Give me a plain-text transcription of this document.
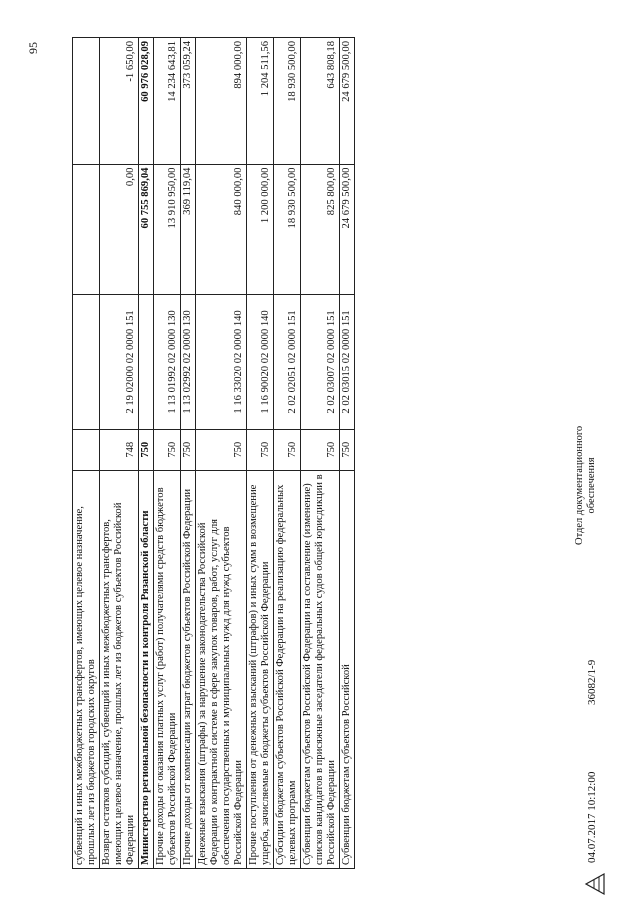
95
субвенций и иных межбюджетных трансфертов, имеющих целевое назначение, прошлых лет из бюджетов городских округов				
Возврат остатков субсидий, субвенций и иных межбюджетных трансфертов, имеющих целевое назначение, прошлых лет из бюджетов субъектов Российской Федерации	748	2 19 02000 02 0000 151	0,00	-1 650,00
Министерство региональной безопасности и контроля Рязанской области	750		60 755 869,04	60 976 028,09
Прочие доходы от оказания платных услуг (работ) получателями средств бюджетов субъектов Российской Федерации	750	1 13 01992 02 0000 130	13 910 950,00	14 234 643,81
Прочие доходы от компенсации затрат бюджетов субъектов Российской Федерации	750	1 13 02992 02 0000 130	369 119,04	373 059,24
Денежные взыскания (штрафы) за нарушение законодательства Российской Федерации о контрактной системе в сфере закупок товаров, работ, услуг для обеспечения государственных и муниципальных нужд для нужд субъектов Российской Федерации	750	1 16 33020 02 0000 140	840 000,00	894 000,00
Прочие поступления от денежных взысканий (штрафов) и иных сумм в возмещение ущерба, зачисляемые в бюджеты субъектов Российской Федерации	750	1 16 90020 02 0000 140	1 200 000,00	1 204 511,56
Субсидии бюджетам субъектов Российской Федерации на реализацию федеральных целевых программ	750	2 02 02051 02 0000 151	18 930 500,00	18 930 500,00
Субвенции бюджетам субъектов Российской Федерации на составление (изменение) списков кандидатов в присяжные заседатели федеральных судов общей юрисдикции в Российской Федерации	750	2 02 03007 02 0000 151	825 800,00	643 808,18
Субвенции бюджетам субъектов Российской	750	2 02 03015 02 0000 151	24 679 500,00	24 679 500,00
04.07.2017 10:12:00
36082/1-9
Отдел документационного обеспечения
